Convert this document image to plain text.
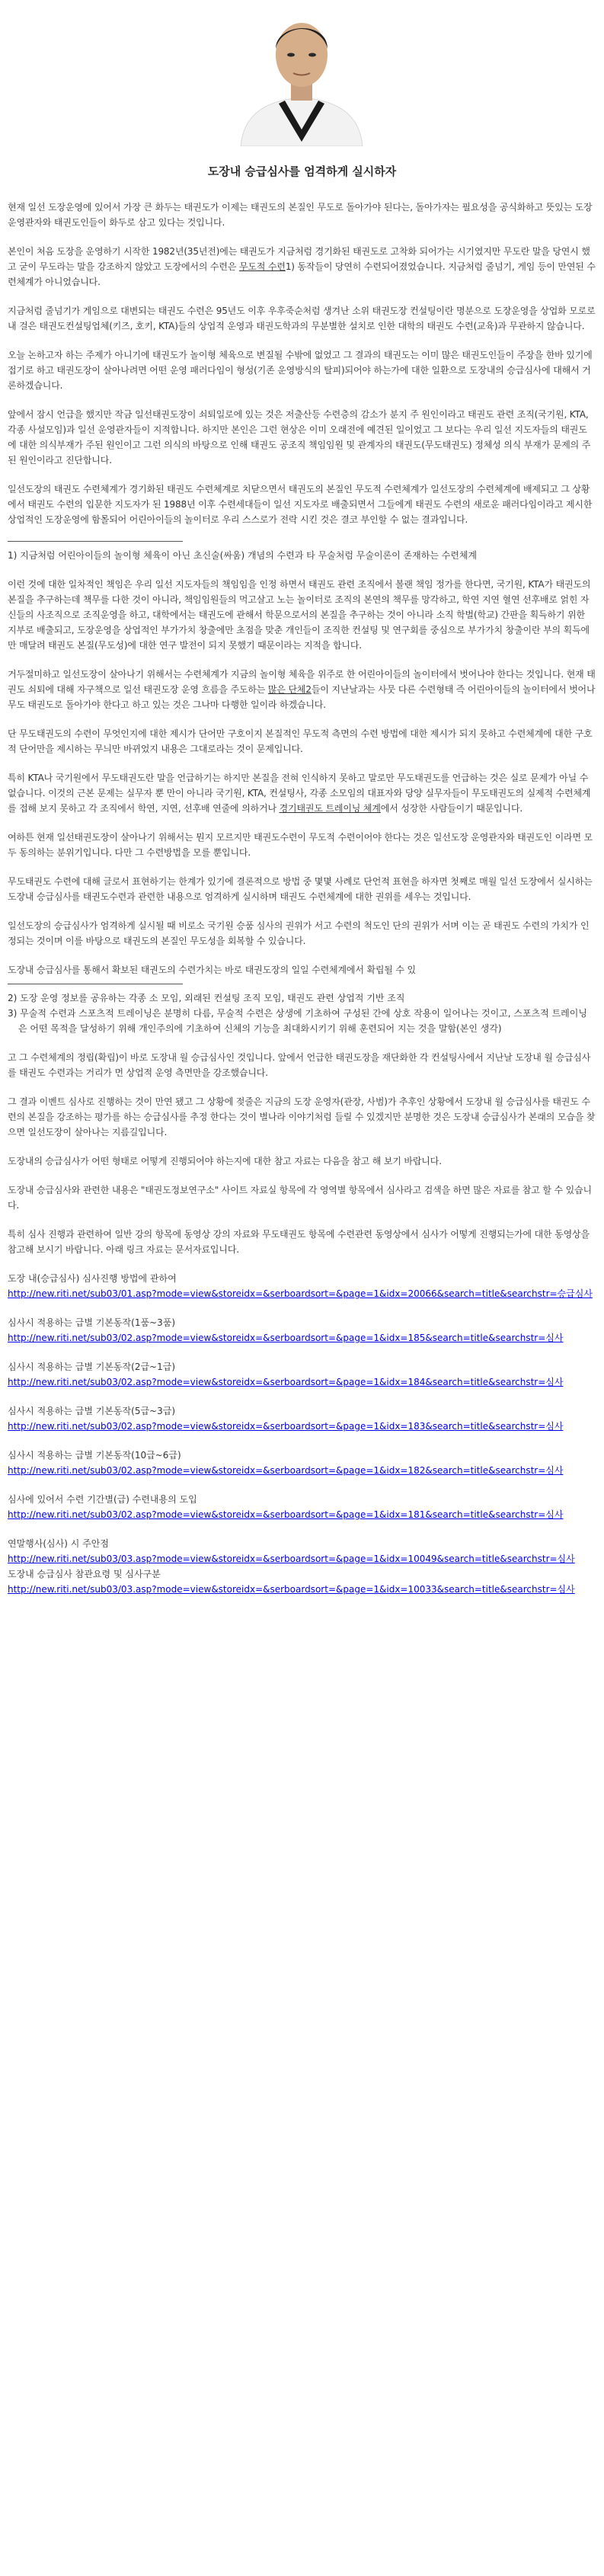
도장내 승급심사를 엄격하게 실시하자

현재 일선 도장운영에 있어서 가장 큰 화두는 태권도가 이제는 태권도의 본질인 무도로 돌아가야 된다는, 돌아가자는 필요성을 공식화하고 뜻있는 도장 운영관자와 태권도인들이 화두로 삼고 있다는 것입니다.

본인이 처음 도장을 운영하기 시작한 1982년(35년전)에는 태권도가 지금처럼 경기화된 태권도로 고착화 되어가는 시기였지만 무도란 말을 당연시 했고 굳이 무도라는 말을 강조하지 않았고 도장에서의 수련은 무도적 수련1) 동작들이 당연히 수련되어졌었습니다. 지금처럼 줄넘기, 게임 등이 만연된 수련체계가 아니었습니다.

지금처럼 줄넘기가 게임으로 대변되는 태권도 수련은 95년도 이후 우후죽순처럼 생겨난 소위 태권도장 컨설팅이란 명분으로 도장운영을 상업화 모로로 내 걸은 태권도컨설팅업체(키즈, 호키, KTA)들의 상업적 운영과 태권도학과의 무분별한 설치로 인한 대학의 태권도 수련(교육)과 무관하지 않습니다.

오늘 논하고자 하는 주제가 아니기에 태권도가 놀이형 체육으로 변질될 수밖에 없었고 그 결과의 태권도는 이미 많은 태권도인들이 주장을 한바 있기에 접기로 하고 태권도장이 살아나려면 어떤 운영 패러다임이 형성(기존 운영방식의 탈피)되어야 하는가에 대한 일환으로 도장내의 승급심사에 대해서 거론하겠습니다.

앞에서 잠시 언급을 했지만 작금 일선태권도장이 쇠퇴일로에 있는 것은 저출산등 수련층의 감소가 분지 주 원인이라고 태권도 관련 조직(국기원, KTA, 각종 사설모임)과 일선 운영관자들이 지적합니다. 하지만 본인은 그런 현상은 이미 오래전에 예견된 일이었고 그 보다는 우리 일선 지도자들의 태권도에 대한 의식부재가 주된 원인이고 그런 의식의 바탕으로 인해 태권도 공조직 책임임원 및 관계자의 태권도(무도태권도) 정체성 의식 부재가 문제의 주된 원인이라고 진단합니다.

일선도장의 태권도 수련체계가 경기화된 태권도 수련체계로 치닫으면서 태권도의 본질인 무도적 수련체계가 일선도장의 수련체계에 배제되고 그 상황에서 태권도 수련의 입문한 지도자가 된 1988년 이후 수련세대들이 일선 지도자로 배출되면서 그들에게 태권도 수련의 새로운 패러다임이라고 제시한 상업적인 도장운영에 함몰되어 어린아이들의 놀이터로 우리 스스로가 전락 시킨 것은 결코 부인할 수 없는 결과입니다.

1) 지금처럼 어린아이들의 놀이형 체육이 아닌 초신술(싸움) 개념의 수련과 타 무술처럼 무술이론이 존재하는 수련체계

이런 것에 대한 일차적인 책임은 우리 일선 지도자들의 책임임을 인정 하면서 태권도 관련 조직에서 볼랜 책임 정가를 한다면, 국기원, KTA가 태권도의 본질을 추구하는데 책무를 다한 것이 아니라, 책임임원들의 먹고살고 노는 놀이터로 조직의 본연의 책무를 망각하고, 학연 지연 혈연 선후배로 얽힌 자신들의 사조직으로 조직운영을 하고, 대학에서는 태권도에 관해서 학문으로서의 본질을 추구하는 것이 아니라 소직 학벌(학교) 간판을 획득하기 위한 지부로 배출되고, 도장운영을 상업적인 부가가치 창출에만 초점을 맞춘 개인들이 조직한 컨설팅 및 연구회를 중심으로 부가가치 창출이란 부의 획득에만 매달려 태권도 본질(무도성)에 대한 연구 발전이 되지 못했기 때문이라는 지적을 합니다.

거두절미하고 일선도장이 살아나기 위해서는 수련체계가 지금의 놀이형 체육을 위주로 한 어린아이들의 놀이터에서 벗어나야 한다는 것입니다. 현재 태권도 쇠퇴에 대해 자구책으로 일선 태권도장 운영 흐름을 주도하는 많은 단체2들이 지난날과는 사뭇 다른 수련형태 즉 어린아이들의 놀이터에서 벗어나 무도 태권도로 돌아가야 한다고 하고 있는 것은 그나마 다행한 일이라 하겠습니다.

단 무도태권도의 수련이 무엇인지에 대한 제시가 단어만 구호이지 본질적인 무도적 측면의 수련 방법에 대한 제시가 되지 못하고 수련체계에 대한 구호적 단어만을 제시하는 무늬만 바뀌었지 내용은 그대로라는 것이 문제입니다.

특히 KTA나 국기원에서 무도태권도란 말을 언급하기는 하지만 본질을 전혀 인식하지 못하고 말로만 무도태권도를 언급하는 것은 실로 문제가 아닐 수 없습니다. 이것의 근본 문제는 실무자 뿐 만이 아니라 국기원, KTA, 컨설팅사, 각종 소모임의 대표자와 당양 실무자들이 무도태권도의 실제적 수련체계를 접해 보지 못하고 각 조직에서 학연, 지연, 선후배 연줄에 의하거나 경기태권도 트레이닝 체계에서 성장한 사람들이기 때문입니다.

여하튼 현재 일선태권도장이 살아나기 위해서는 뭔지 모르지만 태권도수련이 무도적 수련이어야 한다는 것은 일선도장 운영관자와 태권도인 이라면 모두 동의하는 분위기입니다. 다만 그 수련방법을 모를 뿐입니다.

무도태권도 수련에 대해 글로서 표현하기는 한계가 있기에 결론적으로 방법 중 몇몇 사례로 단언적 표현을 하자면 첫째로 매월 일선 도장에서 실시하는 도장내 승급심사를 태권도수련과 관련한 내용으로 엄격하게 실시하며 태권도 수련체계에 대한 권위를 세우는 것입니다.

일선도장의 승급심사가 엄격하게 실시될 때 비로소 국기원 승품 심사의 권위가 서고 수련의 척도인 단의 권위가 서며 이는 곧 태권도 수련의 가치가 인정되는 것이며 이를 바탕으로 태권도의 본질인 무도성을 회복할 수 있습니다.

도장내 승급심사를 통해서 확보된 태권도의 수련가치는 바로 태권도장의 일일 수련체계에서 확립될 수 있

2) 도장 운영 정보를 공유하는 각종 소 모임, 외래된 컨설팅 조직 모임, 태권도 관련 상업적 기반 조직
3) 무술적 수련과 스포츠적 트레이닝은 분명히 다름, 무술적 수련은 상생에 기초하여 구성된 간에 상호 작용이 일어나는 것이고, 스포츠적 트레이닝은 어떤 목적을 달성하기 위해 개인주의에 기초하여 신체의 기능을 최대화시키기 위해 훈련되어 지는 것을 말함(본인 생각)

고 그 수련체계의 정립(확립)이 바로 도장내 월 승급심사인 것입니다. 앞에서 언급한 태권도장을 재단화한 각 컨설팅사에서 지난날 도장내 월 승급심사를 태권도 수련과는 거리가 먼 상업적 운영 측면만을 강조했습니다.

그 결과 이벤트 심사로 진행하는 것이 만연 됐고 그 상황에 젖줄은 지금의 도장 운영자(관장, 사범)가 추후인 상황에서 도장내 월 승급심사를 태권도 수련의 본질을 강조하는 평가를 하는 승급심사를 추정 한다는 것이 별나라 이야기처럼 들릴 수 있겠지만 분명한 것은 도장내 승급심사가 본래의 모습을 찾으면 일선도장이 살아나는 지름길입니다.

도장내의 승급심사가 어떤 형태로 어떻게 진행되어야 하는지에 대한 참고 자료는 다음을 참고 해 보기 바랍니다.

도장내 승급심사와 관련한 내용은 "태권도정보연구소" 사이트 자료실 항목에 각 영역별 항목에서 심사라고 검색을 하면 많은 자료를 참고 할 수 있습니다.

특히 심사 진행과 관련하여 일반 강의 항목에 동영상 강의 자료와 무도태권도 항목에 수련관련 동영상에서 심사가 어떻게 진행되는가에 대한 동영상을 참고해 보시기 바랍니다. 아래 링크 자료는 문서자료입니다.

도장 내(승급심사) 심사진행 방법에 관하여
http://new.riti.net/sub03/01.asp?mode=view&storeidx=&serboardsort=&page=1&idx=20066&search=title&searchstr=승급심사
심사시 적용하는 급별 기본동작(1품~3품)
http://new.riti.net/sub03/02.asp?mode=view&storeidx=&serboardsort=&page=1&idx=185&search=title&searchstr=심사
심사시 적용하는 급별 기본동작(2급~1급)
http://new.riti.net/sub03/02.asp?mode=view&storeidx=&serboardsort=&page=1&idx=184&search=title&searchstr=심사
심사시 적용하는 급별 기본동작(5급~3급)
http://new.riti.net/sub03/02.asp?mode=view&storeidx=&serboardsort=&page=1&idx=183&search=title&searchstr=심사
심사시 적용하는 급별 기본동작(10급~6급)
http://new.riti.net/sub03/02.asp?mode=view&storeidx=&serboardsort=&page=1&idx=182&search=title&searchstr=심사
심사에 있어서 수련 기간별(급) 수련내용의 도입
http://new.riti.net/sub03/02.asp?mode=view&storeidx=&serboardsort=&page=1&idx=181&search=title&searchstr=심사
연말행사(심사) 시 주안점
http://new.riti.net/sub03/03.asp?mode=view&storeidx=&serboardsort=&page=1&idx=10049&search=title&searchstr=심사
도장내 승급심사 참관요령 및 심사구분
http://new.riti.net/sub03/03.asp?mode=view&storeidx=&serboardsort=&page=1&idx=10033&search=title&searchstr=심사
